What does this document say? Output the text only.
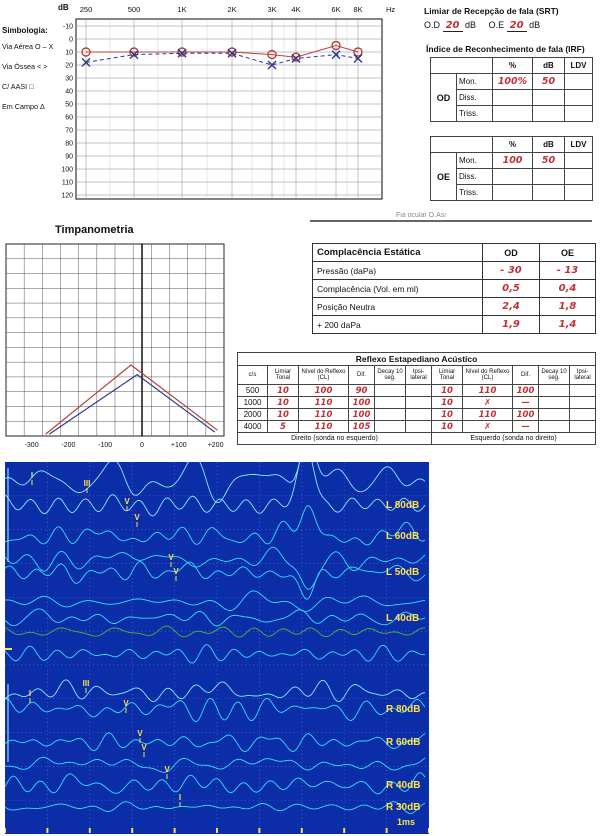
Simbologia:
Via Aérea O – X
Via Óssea < >
C/ AASI □
Em Campo Δ
-10
0
10
20
30
40
50
60
70
80
90
100
110
120
250	500	1K	2K	3K 4K	6K 8K
dB	Hz	Limiar de Recepção de fala (SRT)
O.D 20 dB O.E 20 dB
Índice de Reconhecimento de fala (IRF)
		%	dB	LDV
OD	Mon.	100%	50	
	Diss.			
	Triss.			
		%	dB	LDV
OE	Mon.	100	50	
	Diss.			
	Triss.			
Fia ocular O.Asi
Timpanometria
-300	-200	-100	0	+100	+200
Complacência Estática	OD	OE
Pressão (daPa)	- 30	- 13
Complacência (Vol. em ml)	0,5	0,4
Posição Neutra	2,4	1,8
+ 200 daPa	1,9	1,4
Reflexo Estapediano Acústico										
c/s	Limiar Tonal	Nível do Reflexo (CL)	Dif.	Decay 10 seg.	Ipsi-lateral	Limiar Tonal	Nível do Reflexo (CL)	Dif.	Decay 10 seg.	Ipsi-lateral
500	10	100	90			10	110	100		
1000	10	110	100			10	✗	—		
2000	10	110	100			10	110	100		
4000	5	110	105			10	✗	—		
Direito (sonda no esquerdo)						Esquerdo (sonda no direito)				
I
III
V
V
V
V
I
III
V
V
V
V
I
L 80dB
L 60dB
L 50dB
L 40dB
R 80dB
R 60dB
R 40dB
R 30dB
1ms
